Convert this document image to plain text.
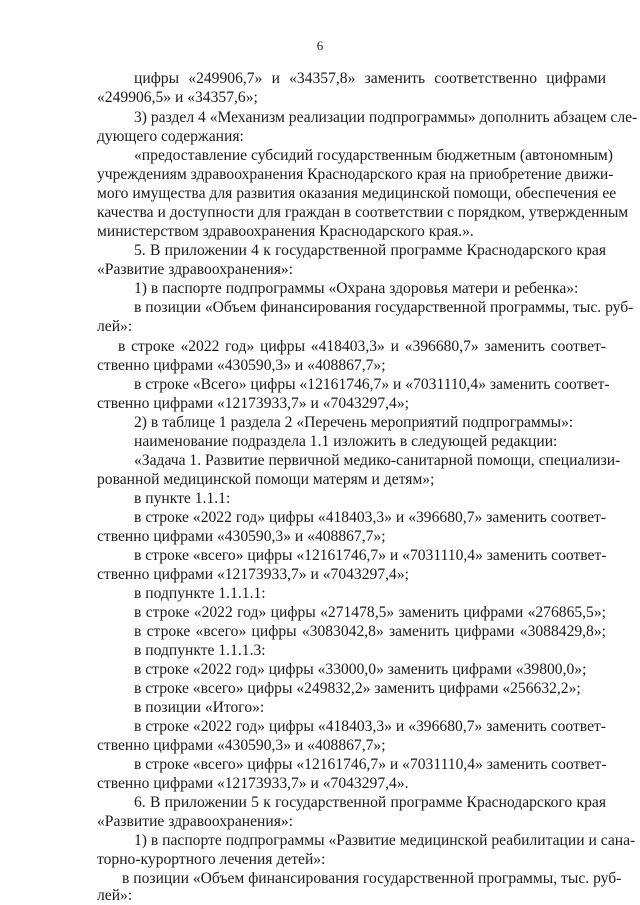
6
цифры «249906,7» и «34357,8» заменить соответственно цифрами
«249906,5» и «34357,6»;
3) раздел 4 «Механизм реализации подпрограммы» дополнить абзацем сле-
дующего содержания:
«предоставление субсидий государственным бюджетным (автономным)
учреждениям здравоохранения Краснодарского края на приобретение движи-
мого имущества для развития оказания медицинской помощи, обеспечения ее
качества и доступности для граждан в соответствии с порядком, утвержденным
министерством здравоохранения Краснодарского края.».
5. В приложении 4 к государственной программе Краснодарского края
«Развитие здравоохранения»:
1) в паспорте подпрограммы «Охрана здоровья матери и ребенка»:
в позиции «Объем финансирования государственной программы, тыс. руб-
лей»:
в строке «2022 год» цифры «418403,3» и «396680,7» заменить соответ-
ственно цифрами «430590,3» и «408867,7»;
в строке «Всего» цифры «12161746,7» и «7031110,4» заменить соответ-
ственно цифрами «12173933,7» и «7043297,4»;
2) в таблице 1 раздела 2 «Перечень мероприятий подпрограммы»:
наименование подраздела 1.1 изложить в следующей редакции:
«Задача 1. Развитие первичной медико-санитарной помощи, специализи-
рованной медицинской помощи матерям и детям»;
в пункте 1.1.1:
в строке «2022 год» цифры «418403,3» и «396680,7» заменить соответ-
ственно цифрами «430590,3» и «408867,7»;
в строке «всего» цифры «12161746,7» и «7031110,4» заменить соответ-
ственно цифрами «12173933,7» и «7043297,4»;
в подпункте 1.1.1.1:
в строке «2022 год» цифры «271478,5» заменить цифрами «276865,5»;
в строке «всего» цифры «3083042,8» заменить цифрами «3088429,8»;
в подпункте 1.1.1.3:
в строке «2022 год» цифры «33000,0» заменить цифрами «39800,0»;
в строке «всего» цифры «249832,2» заменить цифрами «256632,2»;
в позиции «Итого»:
в строке «2022 год» цифры «418403,3» и «396680,7» заменить соответ-
ственно цифрами «430590,3» и «408867,7»;
в строке «всего» цифры «12161746,7» и «7031110,4» заменить соответ-
ственно цифрами «12173933,7» и «7043297,4».
6. В приложении 5 к государственной программе Краснодарского края
«Развитие здравоохранения»:
1) в паспорте подпрограммы «Развитие медицинской реабилитации и сана-
торно-курортного лечения детей»:
в позиции «Объем финансирования государственной программы, тыс. руб-
лей»:
